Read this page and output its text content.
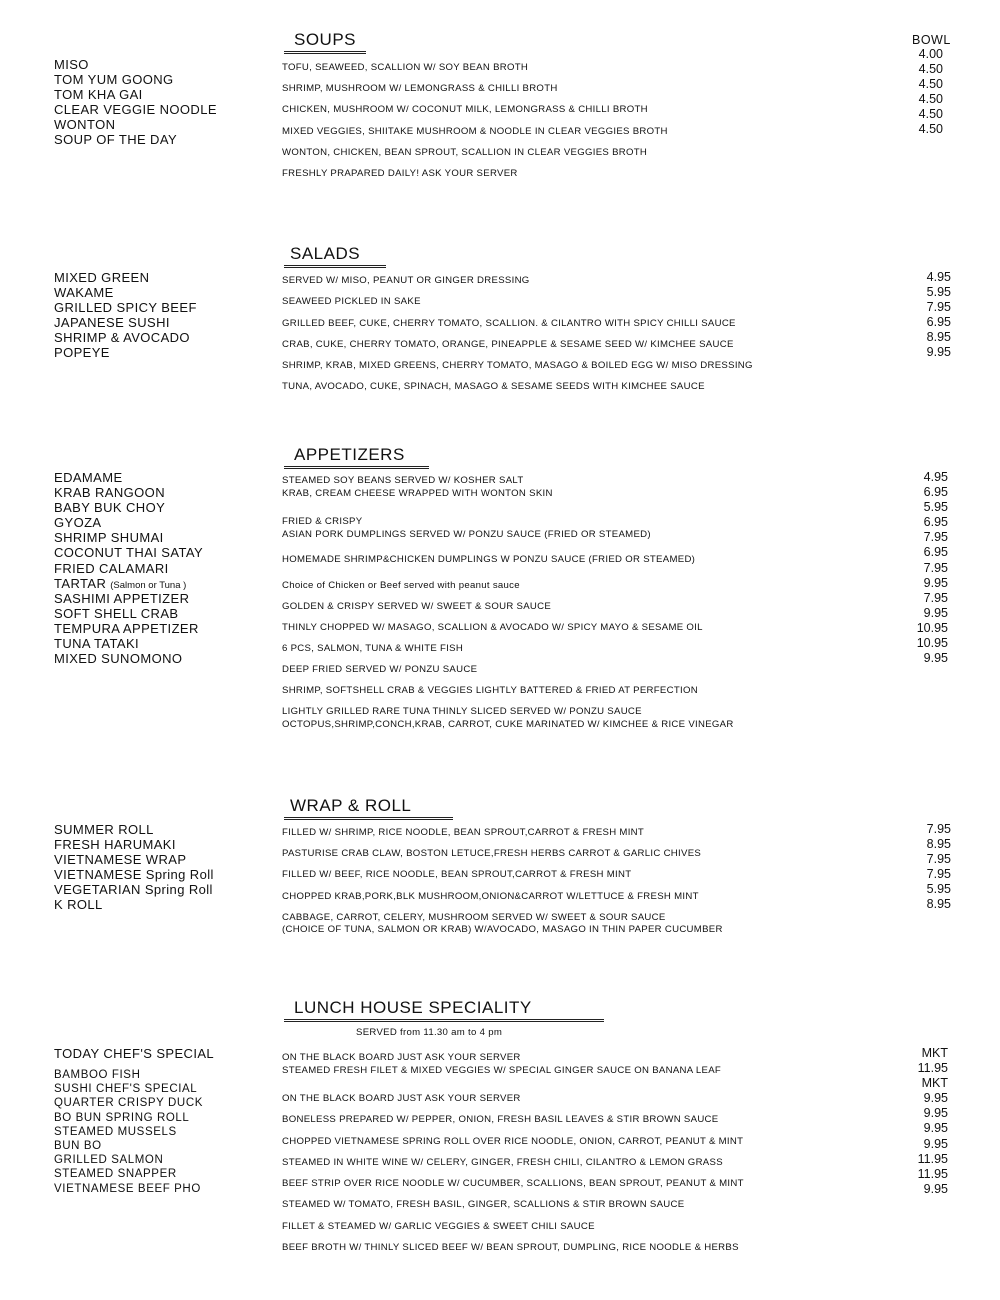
SOUPS	BOWL
MISO
TOM YUM GOONG
TOM KHA GAI
CLEAR VEGGIE NOODLE
WONTON
SOUP OF THE DAY
TOFU, SEAWEED, SCALLION W/ SOY BEAN BROTH
SHRIMP, MUSHROOM W/ LEMONGRASS & CHILLI BROTH
CHICKEN, MUSHROOM W/ COCONUT MILK, LEMONGRASS & CHILLI BROTH
MIXED VEGGIES, SHIITAKE MUSHROOM & NOODLE IN CLEAR VEGGIES BROTH
WONTON, CHICKEN, BEAN SPROUT, SCALLION IN CLEAR VEGGIES BROTH
FRESHLY PRAPARED DAILY! ASK YOUR SERVER
4.00
4.50
4.50
4.50
4.50
4.50
SALADS
MIXED GREEN
WAKAME
GRILLED SPICY BEEF
JAPANESE SUSHI
SHRIMP & AVOCADO
POPEYE
SERVED W/ MISO, PEANUT OR GINGER DRESSING
SEAWEED PICKLED IN SAKE
GRILLED BEEF, CUKE, CHERRY TOMATO, SCALLION. & CILANTRO WITH SPICY CHILLI SAUCE
CRAB, CUKE, CHERRY TOMATO, ORANGE, PINEAPPLE & SESAME SEED W/ KIMCHEE SAUCE
SHRIMP, KRAB, MIXED GREENS, CHERRY TOMATO, MASAGO & BOILED EGG W/ MISO DRESSING
TUNA, AVOCADO, CUKE, SPINACH, MASAGO & SESAME SEEDS WITH KIMCHEE SAUCE
4.95
5.95
7.95
6.95
8.95
9.95
APPETIZERS
EDAMAME
KRAB RANGOON
BABY BUK CHOY
GYOZA
SHRIMP SHUMAI
COCONUT THAI SATAY
FRIED CALAMARI
TARTAR (Salmon or Tuna )
SASHIMI APPETIZER
SOFT SHELL CRAB
TEMPURA APPETIZER
TUNA TATAKI
MIXED SUNOMONO
STEAMED SOY BEANS SERVED W/ KOSHER SALT
KRAB, CREAM CHEESE WRAPPED WITH WONTON SKIN
FRIED & CRISPY
ASIAN PORK DUMPLINGS SERVED W/ PONZU SAUCE (FRIED OR STEAMED)
HOMEMADE SHRIMP&CHICKEN DUMPLINGS W PONZU SAUCE (FRIED OR STEAMED)
Choice of Chicken or Beef served with peanut sauce
GOLDEN & CRISPY SERVED W/ SWEET & SOUR SAUCE
THINLY CHOPPED W/ MASAGO, SCALLION & AVOCADO W/ SPICY MAYO & SESAME OIL
6 PCS, SALMON, TUNA & WHITE FISH
DEEP FRIED SERVED W/ PONZU SAUCE
SHRIMP, SOFTSHELL CRAB & VEGGIES LIGHTLY BATTERED & FRIED AT PERFECTION
LIGHTLY GRILLED RARE TUNA THINLY SLICED SERVED W/ PONZU SAUCE
OCTOPUS,SHRIMP,CONCH,KRAB, CARROT, CUKE MARINATED W/ KIMCHEE & RICE VINEGAR
4.95
6.95
5.95
6.95
7.95
6.95
7.95
9.95
7.95
9.95
10.95
10.95
9.95
WRAP & ROLL
SUMMER ROLL
FRESH HARUMAKI
VIETNAMESE WRAP
VIETNAMESE Spring Roll
VEGETARIAN Spring Roll
K ROLL
FILLED W/ SHRIMP, RICE NOODLE, BEAN SPROUT,CARROT & FRESH MINT
PASTURISE CRAB CLAW, BOSTON LETUCE,FRESH HERBS CARROT & GARLIC CHIVES
FILLED W/ BEEF, RICE NOODLE, BEAN SPROUT,CARROT & FRESH MINT
CHOPPED KRAB,PORK,BLK MUSHROOM,ONION&CARROT W/LETTUCE & FRESH MINT
CABBAGE, CARROT, CELERY, MUSHROOM SERVED W/ SWEET & SOUR SAUCE
(CHOICE OF TUNA, SALMON OR KRAB) W/AVOCADO, MASAGO IN THIN PAPER CUCUMBER
7.95
8.95
7.95
7.95
5.95
8.95
LUNCH HOUSE SPECIALITY
SERVED from 11.30 am to 4 pm
TODAY CHEF'S SPECIAL
BAMBOO FISH
SUSHI CHEF'S SPECIAL
QUARTER CRISPY DUCK
BO BUN SPRING ROLL
STEAMED MUSSELS
BUN BO
GRILLED SALMON
STEAMED SNAPPER
VIETNAMESE BEEF PHO
ON THE BLACK BOARD JUST ASK YOUR SERVER
STEAMED FRESH FILET & MIXED VEGGIES W/ SPECIAL GINGER SAUCE ON BANANA LEAF
ON THE BLACK BOARD JUST ASK YOUR SERVER
BONELESS PREPARED W/ PEPPER, ONION, FRESH BASIL LEAVES & STIR BROWN SAUCE
CHOPPED VIETNAMESE SPRING ROLL OVER RICE NOODLE, ONION, CARROT, PEANUT & MINT
STEAMED IN WHITE WINE W/ CELERY, GINGER, FRESH CHILI, CILANTRO & LEMON GRASS
BEEF STRIP OVER RICE NOODLE W/ CUCUMBER, SCALLIONS, BEAN SPROUT, PEANUT & MINT
STEAMED W/ TOMATO, FRESH BASIL, GINGER, SCALLIONS & STIR BROWN SAUCE
FILLET & STEAMED W/ GARLIC VEGGIES & SWEET CHILI SAUCE
BEEF BROTH W/ THINLY SLICED BEEF W/ BEAN SPROUT, DUMPLING, RICE NOODLE & HERBS
MKT
11.95
MKT
9.95
9.95
9.95
9.95
11.95
11.95
9.95
